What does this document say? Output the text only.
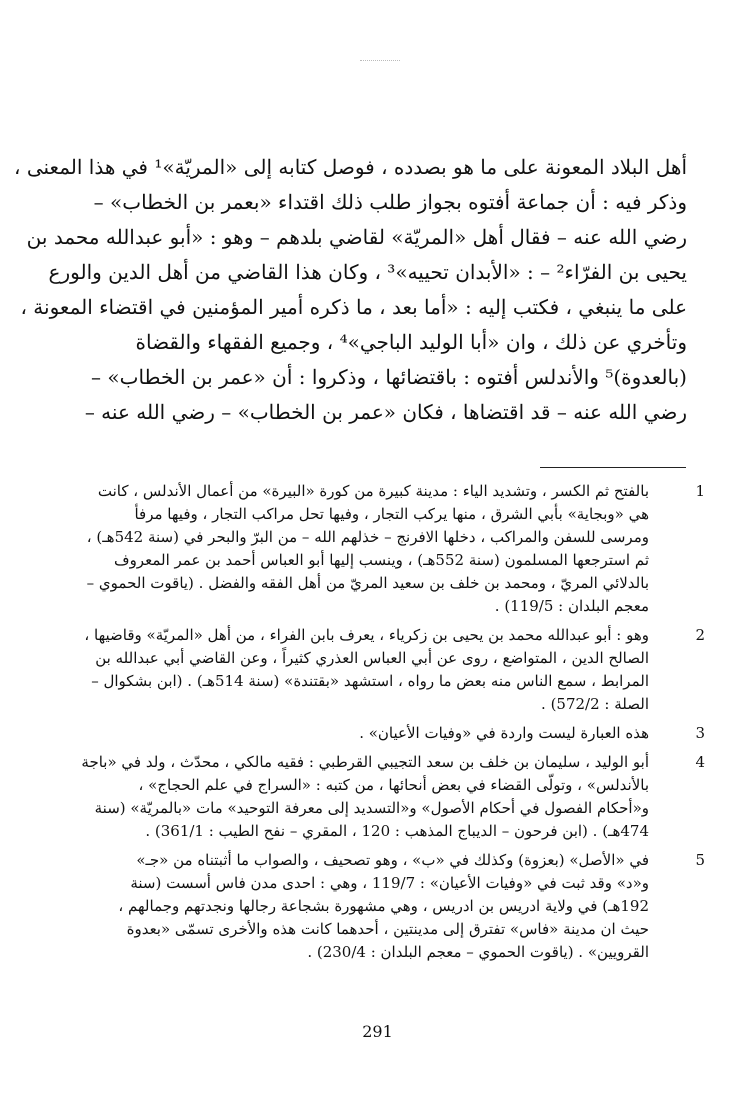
أهل البلاد المعونة على ما هو بصدده ، فوصل كتابه إلى «المريّة»¹ في هذا المعنى ،
وذكر فيه : أن جماعة أفتوه بجواز طلب ذلك اقتداء «بعمر بن الخطاب» –
رضي الله عنه – فقال أهل «المريّة» لقاضي بلدهم – وهو : «أبو عبدالله محمد بن
يحيى بن الفرّاء² – : «الأبدان تحييه»³ ، وكان هذا القاضي من أهل الدين والورع
على ما ينبغي ، فكتب إليه : «أما بعد ، ما ذكره أمير المؤمنين في اقتضاء المعونة ،
وتأخري عن ذلك ، وان «أبا الوليد الباجي»⁴ ، وجميع الفقهاء والقضاة
(بالعدوة)⁵ والأندلس أفتوه : باقتضائها ، وذكروا : أن «عمر بن الخطاب» –
رضي الله عنه – قد اقتضاها ، فكان «عمر بن الخطاب» – رضي الله عنه –
1
بالفتح ثم الكسر ، وتشديد الياء : مدينة كبيرة من كورة «البيرة» من أعمال الأندلس ، كانت
هي «وبجاية» بأبي الشرق ، منها يركب التجار ، وفيها تحل مراكب التجار ، وفيها مرفأ
ومرسى للسفن والمراكب ، دخلها الافرنج – خذلهم الله – من البرّ والبحر في (سنة 542هـ) ،
ثم استرجعها المسلمون (سنة 552هـ) ، وينسب إليها أبو العباس أحمد بن عمر المعروف
بالدلائي المريّ ، ومحمد بن خلف بن سعيد المريّ من أهل الفقه والفضل . (ياقوت الحموي –
معجم البلدان : 119/5) .
2
وهو : أبو عبدالله محمد بن يحيى بن زكرياء ، يعرف بابن الفراء ، من أهل «المريّة» وقاضيها ،
الصالح الدين ، المتواضع ، روى عن أبي العباس العذري كثيراً ، وعن القاضي أبي عبدالله بن
المرابط ، سمع الناس منه بعض ما رواه ، استشهد «بقتندة» (سنة 514هـ) . (ابن بشكوال –
الصلة : 572/2) .
3
هذه العبارة ليست واردة في «وفيات الأعيان» .
4
أبو الوليد ، سليمان بن خلف بن سعد التجيبي القرطبي : فقيه مالكي ، محدّث ، ولد في «باجة
بالأندلس» ، وتولّى القضاء في بعض أنحائها ، من كتبه : «السراج في علم الحجاج» ،
و«أحكام الفصول في أحكام الأصول» و«التسديد إلى معرفة التوحيد» مات «بالمريّة» (سنة
474هـ) . (ابن فرحون – الديباج المذهب : 120 ، المقري – نفح الطيب : 361/1) .
5
في «الأصل» (بعزوة) وكذلك في «ب» ، وهو تصحيف ، والصواب ما أثبتناه من «جـ»
و«د» وقد ثبت في «وفيات الأعيان» : 119/7 ، وهي : احدى مدن فاس أسست (سنة
192هـ) في ولاية ادريس بن ادريس ، وهي مشهورة بشجاعة رجالها ونجدتهم وجمالهم ،
حيث ان مدينة «فاس» تفترق إلى مدينتين ، أحدهما كانت هذه والأخرى تسمّى «بعدوة
القرويين» . (ياقوت الحموي – معجم البلدان : 230/4) .
291
